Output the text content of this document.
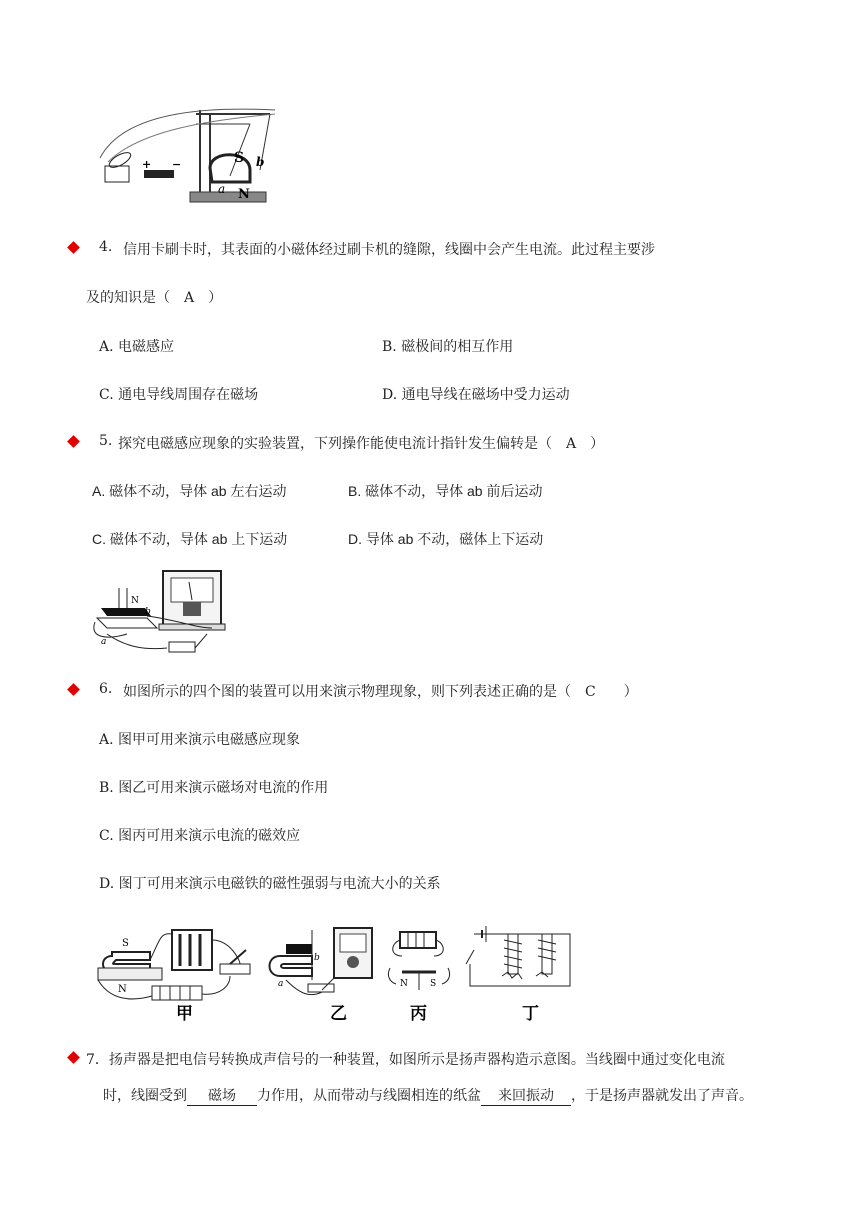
+ −	S
N
a
b
4. 信用卡刷卡时，其表面的小磁体经过刷卡机的缝隙，线圈中会产生电流。此过程主要涉
及的知识是（　A　）
A. 电磁感应	B. 磁极间的相互作用
C. 通电导线周围存在磁场	D. 通电导线在磁场中受力运动
5. 探究电磁感应现象的实验装置，下列操作能使电流计指针发生偏转是（　A　）
A. 磁体不动，导体 ab 左右运动	B. 磁体不动，导体 ab 前后运动
C. 磁体不动，导体 ab 上下运动	D. 导体 ab 不动，磁体上下运动
N
a
b
6. 如图所示的四个图的装置可以用来演示物理现象，则下列表述正确的是（　C　　）
A. 图甲可用来演示电磁感应现象
B. 图乙可用来演示磁场对电流的作用
C. 图丙可用来演示电流的磁效应
D. 图丁可用来演示电磁铁的磁性强弱与电流大小的关系
S
N
甲
a
b
乙
N S
丙	丁
7．扬声器是把电信号转换成声信号的一种装置，如图所示是扬声器构造示意图。当线圈中通过变化电流
时，线圈受到 磁场 力作用，从而带动与线圈相连的纸盆 来回振动 ，于是扬声器就发出了声音。
